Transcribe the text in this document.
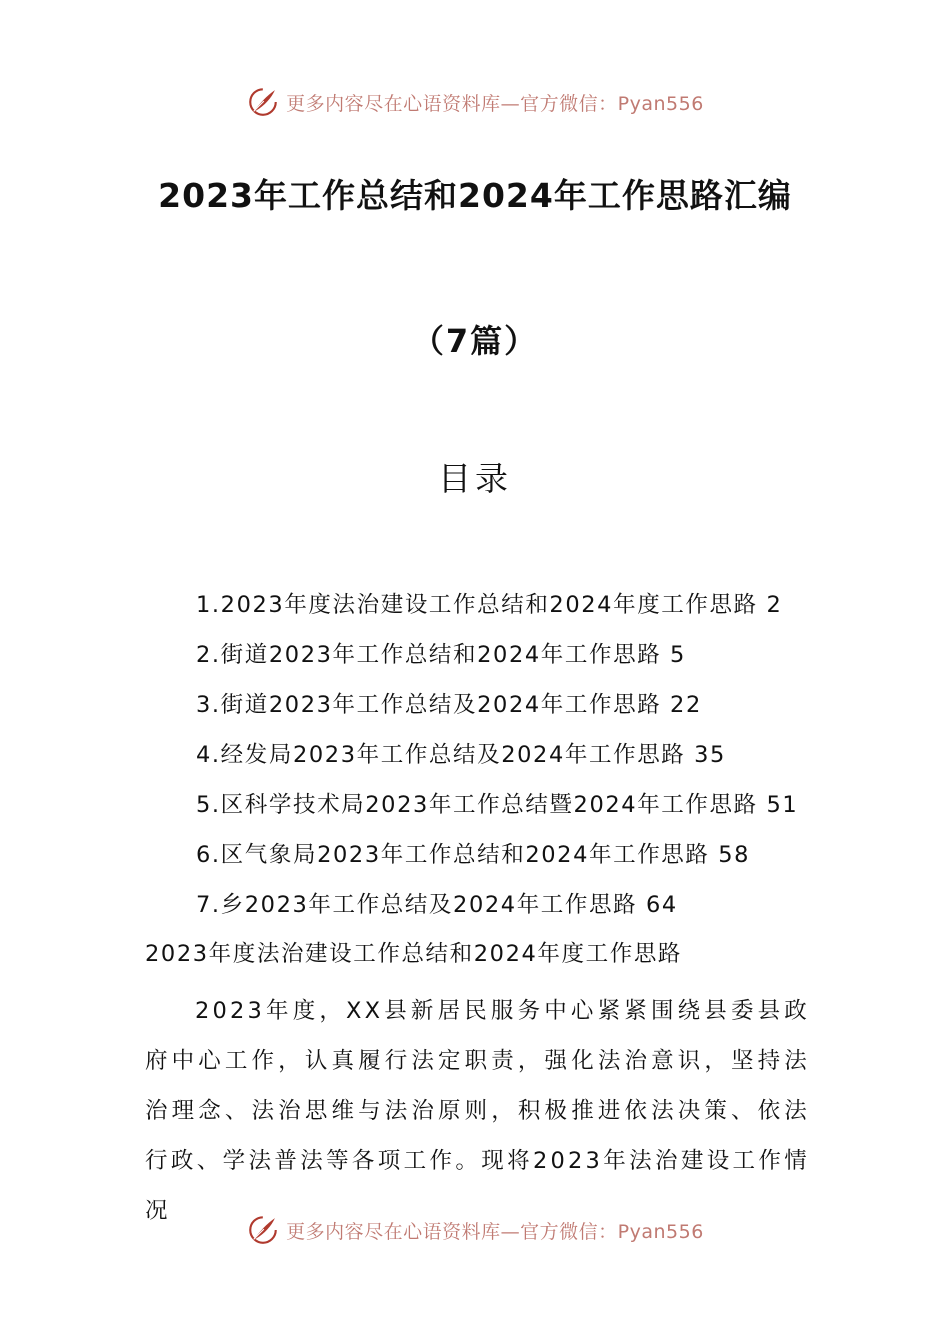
更多内容尽在心语资料库—官方微信：Pyan556
2023年工作总结和2024年工作思路汇编
（7篇）
目录
1.2023年度法治建设工作总结和2024年度工作思路 2
2.街道2023年工作总结和2024年工作思路 5
3.街道2023年工作总结及2024年工作思路 22
4.经发局2023年工作总结及2024年工作思路 35
5.区科学技术局2023年工作总结暨2024年工作思路 51
6.区气象局2023年工作总结和2024年工作思路 58
7.乡2023年工作总结及2024年工作思路 64
2023年度法治建设工作总结和2024年度工作思路

2023年度，XX县新居民服务中心紧紧围绕县委县政府中心工作，认真履行法定职责，强化法治意识，坚持法治理念、法治思维与法治原则，积极推进依法决策、依法行政、学法普法等各项工作。现将2023年法治建设工作情况

更多内容尽在心语资料库—官方微信：Pyan556
